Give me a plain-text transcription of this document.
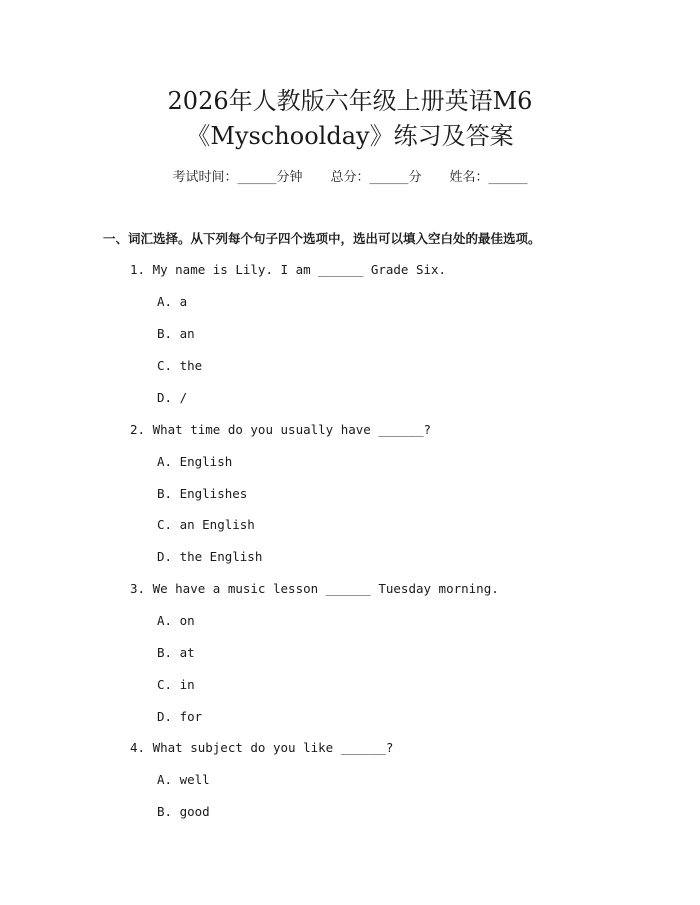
2026年人教版六年级上册英语M6
《Myschoolday》练习及答案
考试时间：______分钟 总分：______分 姓名：______
一、词汇选择。从下列每个句子四个选项中，选出可以填入空白处的最佳选项。
1. My name is Lily. I am ______ Grade Six.
A. a
B. an
C. the
D. /
2. What time do you usually have ______?
A. English
B. Englishes
C. an English
D. the English
3. We have a music lesson ______ Tuesday morning.
A. on
B. at
C. in
D. for
4. What subject do you like ______?
A. well
B. good
